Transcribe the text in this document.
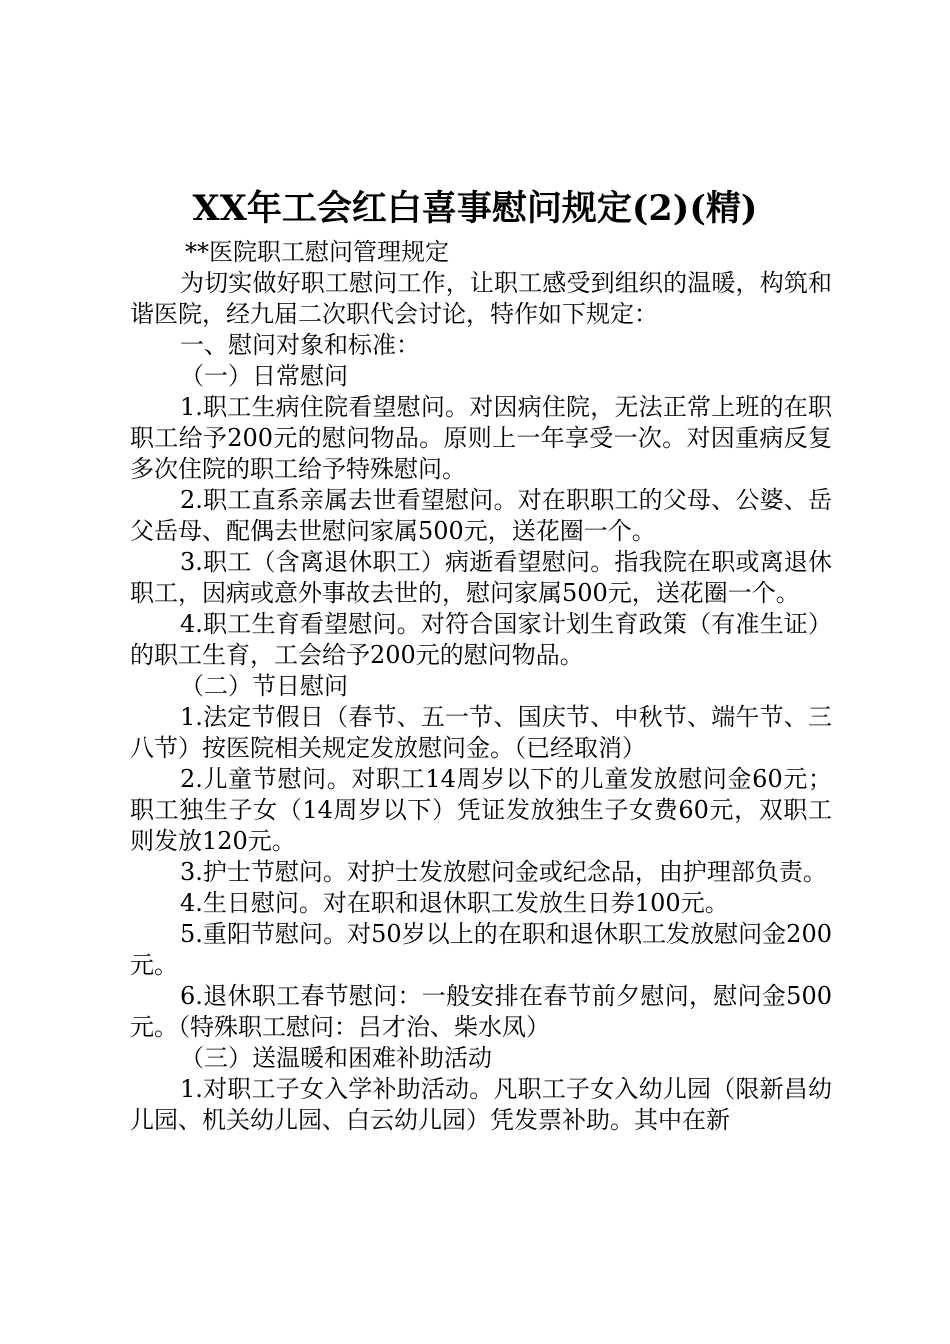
XX年工会红白喜事慰问规定(2)(精)

**医院职工慰问管理规定

为切实做好职工慰问工作，让职工感受到组织的温暖，构筑和谐医院，经九届二次职代会讨论，特作如下规定：

一、慰问对象和标准：

（一）日常慰问

1.职工生病住院看望慰问。对因病住院，无法正常上班的在职职工给予200元的慰问物品。原则上一年享受一次。对因重病反复多次住院的职工给予特殊慰问。

2.职工直系亲属去世看望慰问。对在职职工的父母、公婆、岳父岳母、配偶去世慰问家属500元，送花圈一个。

3.职工（含离退休职工）病逝看望慰问。指我院在职或离退休职工，因病或意外事故去世的，慰问家属500元，送花圈一个。

4.职工生育看望慰问。对符合国家计划生育政策（有准生证）的职工生育，工会给予200元的慰问物品。

（二）节日慰问

1.法定节假日（春节、五一节、国庆节、中秋节、端午节、三八节）按医院相关规定发放慰问金。（已经取消）

2.儿童节慰问。对职工14周岁以下的儿童发放慰问金60元；职工独生子女（14周岁以下）凭证发放独生子女费60元，双职工则发放120元。

3.护士节慰问。对护士发放慰问金或纪念品，由护理部负责。

4.生日慰问。对在职和退休职工发放生日券100元。

5.重阳节慰问。对50岁以上的在职和退休职工发放慰问金200元。

6.退休职工春节慰问：一般安排在春节前夕慰问，慰问金500元。（特殊职工慰问：吕才治、柴水凤）

（三）送温暖和困难补助活动

1.对职工子女入学补助活动。凡职工子女入幼儿园（限新昌幼儿园、机关幼儿园、白云幼儿园）凭发票补助。其中在新
